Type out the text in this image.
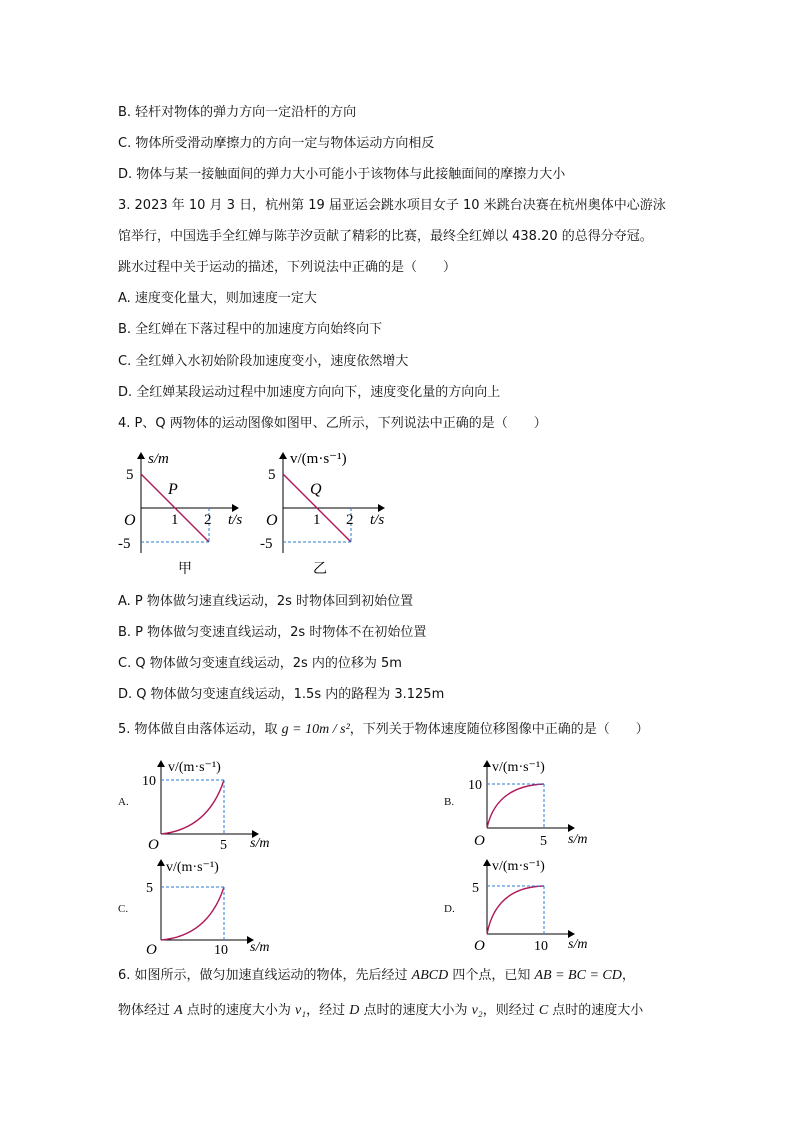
B. 轻杆对物体的弹力方向一定沿杆的方向
C. 物体所受滑动摩擦力的方向一定与物体运动方向相反
D. 物体与某一接触面间的弹力大小可能小于该物体与此接触面间的摩擦力大小
3. 2023 年 10 月 3 日，杭州第 19 届亚运会跳水项目女子 10 米跳台决赛在杭州奥体中心游泳
馆举行，中国选手全红婵与陈芋汐贡献了精彩的比赛，最终全红婵以 438.20 的总得分夺冠。
跳水过程中关于运动的描述，下列说法中正确的是（　　）
A. 速度变化量大，则加速度一定大
B. 全红婵在下落过程中的加速度方向始终向下
C. 全红婵入水初始阶段加速度变小，速度依然增大
D. 全红婵某段运动过程中加速度方向向下，速度变化量的方向向上
4. P、Q 两物体的运动图像如图甲、乙所示，下列说法中正确的是（　　）
s/m
5
P
O 1 2 t/s
-5
甲
v/(m·s⁻¹)
5
Q
O 1 2 t/s
-5
乙
A. P 物体做匀速直线运动，2s 时物体回到初始位置
B. P 物体做匀变速直线运动，2s 时物体不在初始位置
C. Q 物体做匀变速直线运动，2s 内的位移为 5m
D. Q 物体做匀变速直线运动，1.5s 内的路程为 3.125m
5. 物体做自由落体运动，取 g = 10m / s²，下列关于物体速度随位移图像中正确的是（　　）
A.
v/(m·s⁻¹)
10
O	5 s/m
B.
v/(m·s⁻¹)
10
O	5 s/m
C.
v/(m·s⁻¹)
5
O	10 s/m
D.
v/(m·s⁻¹)
5
O	10 s/m
6. 如图所示，做匀加速直线运动的物体，先后经过 ABCD 四个点，已知 AB = BC = CD，
物体经过 A 点时的速度大小为 v₁，经过 D 点时的速度大小为 v₂，则经过 C 点时的速度大小
